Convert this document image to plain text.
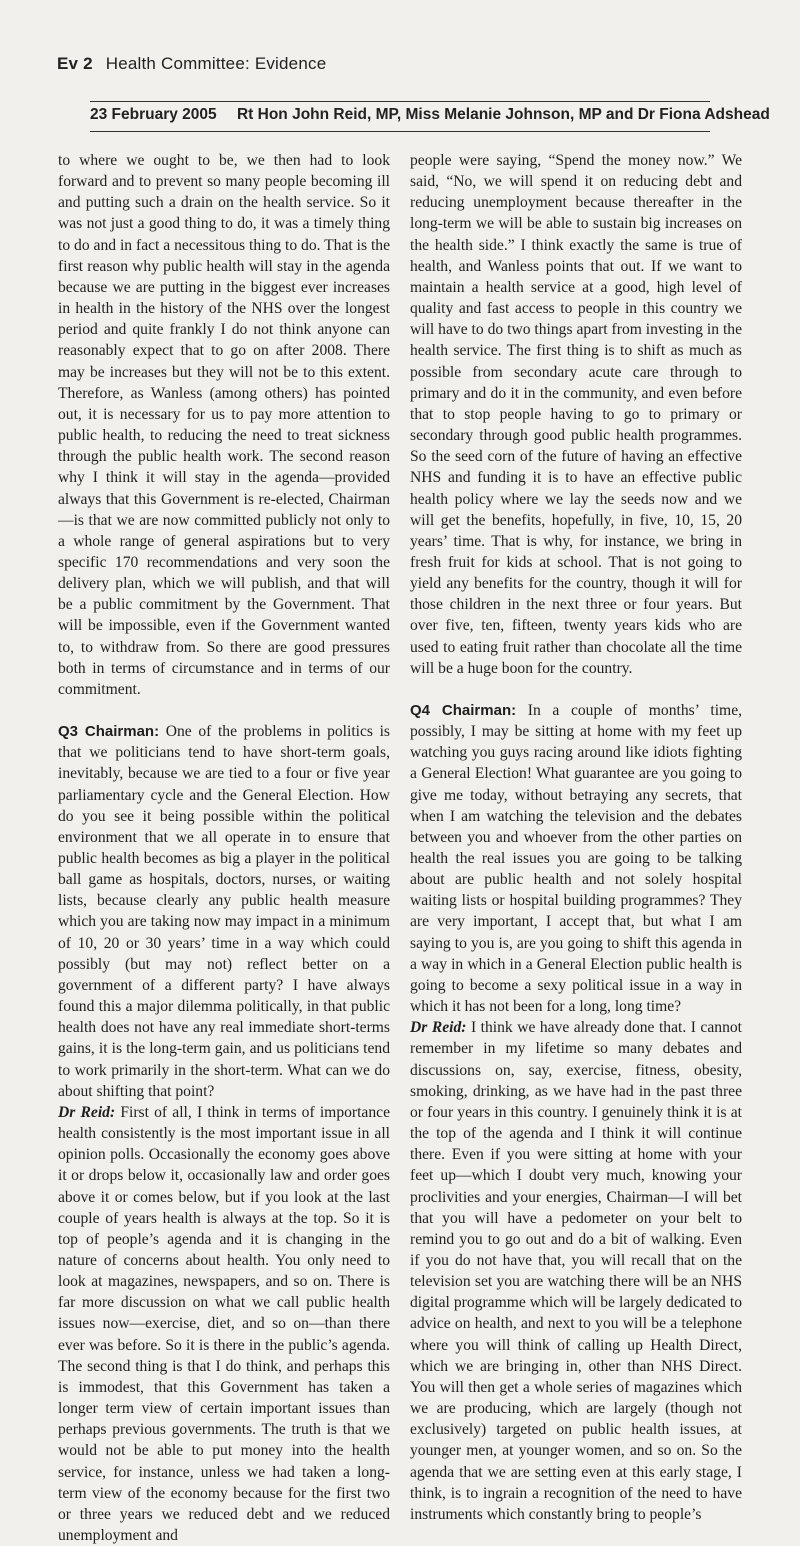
Ev 2 Health Committee: Evidence
23 February 2005 Rt Hon John Reid, MP, Miss Melanie Johnson, MP and Dr Fiona Adshead

to where we ought to be, we then had to look forward and to prevent so many people becoming ill and putting such a drain on the health service. So it was not just a good thing to do, it was a timely thing to do and in fact a necessitous thing to do. That is the first reason why public health will stay in the agenda because we are putting in the biggest ever increases in health in the history of the NHS over the longest period and quite frankly I do not think anyone can reasonably expect that to go on after 2008. There may be increases but they will not be to this extent. Therefore, as Wanless (among others) has pointed out, it is necessary for us to pay more attention to public health, to reducing the need to treat sickness through the public health work. The second reason why I think it will stay in the agenda—provided always that this Government is re-elected, Chairman—is that we are now committed publicly not only to a whole range of general aspirations but to very specific 170 recommendations and very soon the delivery plan, which we will publish, and that will be a public commitment by the Government. That will be impossible, even if the Government wanted to, to withdraw from. So there are good pressures both in terms of circumstance and in terms of our commitment.

Q3 Chairman: One of the problems in politics is that we politicians tend to have short-term goals, inevitably, because we are tied to a four or five year parliamentary cycle and the General Election. How do you see it being possible within the political environment that we all operate in to ensure that public health becomes as big a player in the political ball game as hospitals, doctors, nurses, or waiting lists, because clearly any public health measure which you are taking now may impact in a minimum of 10, 20 or 30 years’ time in a way which could possibly (but may not) reflect better on a government of a different party? I have always found this a major dilemma politically, in that public health does not have any real immediate short-terms gains, it is the long-term gain, and us politicians tend to work primarily in the short-term. What can we do about shifting that point?

Dr Reid: First of all, I think in terms of importance health consistently is the most important issue in all opinion polls. Occasionally the economy goes above it or drops below it, occasionally law and order goes above it or comes below, but if you look at the last couple of years health is always at the top. So it is top of people’s agenda and it is changing in the nature of concerns about health. You only need to look at magazines, newspapers, and so on. There is far more discussion on what we call public health issues now—exercise, diet, and so on—than there ever was before. So it is there in the public’s agenda. The second thing is that I do think, and perhaps this is immodest, that this Government has taken a longer term view of certain important issues than perhaps previous governments. The truth is that we would not be able to put money into the health service, for instance, unless we had taken a long-term view of the economy because for the first two or three years we reduced debt and we reduced unemployment and

people were saying, “Spend the money now.” We said, “No, we will spend it on reducing debt and reducing unemployment because thereafter in the long-term we will be able to sustain big increases on the health side.” I think exactly the same is true of health, and Wanless points that out. If we want to maintain a health service at a good, high level of quality and fast access to people in this country we will have to do two things apart from investing in the health service. The first thing is to shift as much as possible from secondary acute care through to primary and do it in the community, and even before that to stop people having to go to primary or secondary through good public health programmes. So the seed corn of the future of having an effective NHS and funding it is to have an effective public health policy where we lay the seeds now and we will get the benefits, hopefully, in five, 10, 15, 20 years’ time. That is why, for instance, we bring in fresh fruit for kids at school. That is not going to yield any benefits for the country, though it will for those children in the next three or four years. But over five, ten, fifteen, twenty years kids who are used to eating fruit rather than chocolate all the time will be a huge boon for the country.

Q4 Chairman: In a couple of months’ time, possibly, I may be sitting at home with my feet up watching you guys racing around like idiots fighting a General Election! What guarantee are you going to give me today, without betraying any secrets, that when I am watching the television and the debates between you and whoever from the other parties on health the real issues you are going to be talking about are public health and not solely hospital waiting lists or hospital building programmes? They are very important, I accept that, but what I am saying to you is, are you going to shift this agenda in a way in which in a General Election public health is going to become a sexy political issue in a way in which it has not been for a long, long time?

Dr Reid: I think we have already done that. I cannot remember in my lifetime so many debates and discussions on, say, exercise, fitness, obesity, smoking, drinking, as we have had in the past three or four years in this country. I genuinely think it is at the top of the agenda and I think it will continue there. Even if you were sitting at home with your feet up—which I doubt very much, knowing your proclivities and your energies, Chairman—I will bet that you will have a pedometer on your belt to remind you to go out and do a bit of walking. Even if you do not have that, you will recall that on the television set you are watching there will be an NHS digital programme which will be largely dedicated to advice on health, and next to you will be a telephone where you will think of calling up Health Direct, which we are bringing in, other than NHS Direct. You will then get a whole series of magazines which we are producing, which are largely (though not exclusively) targeted on public health issues, at younger men, at younger women, and so on. So the agenda that we are setting even at this early stage, I think, is to ingrain a recognition of the need to have instruments which constantly bring to people’s
